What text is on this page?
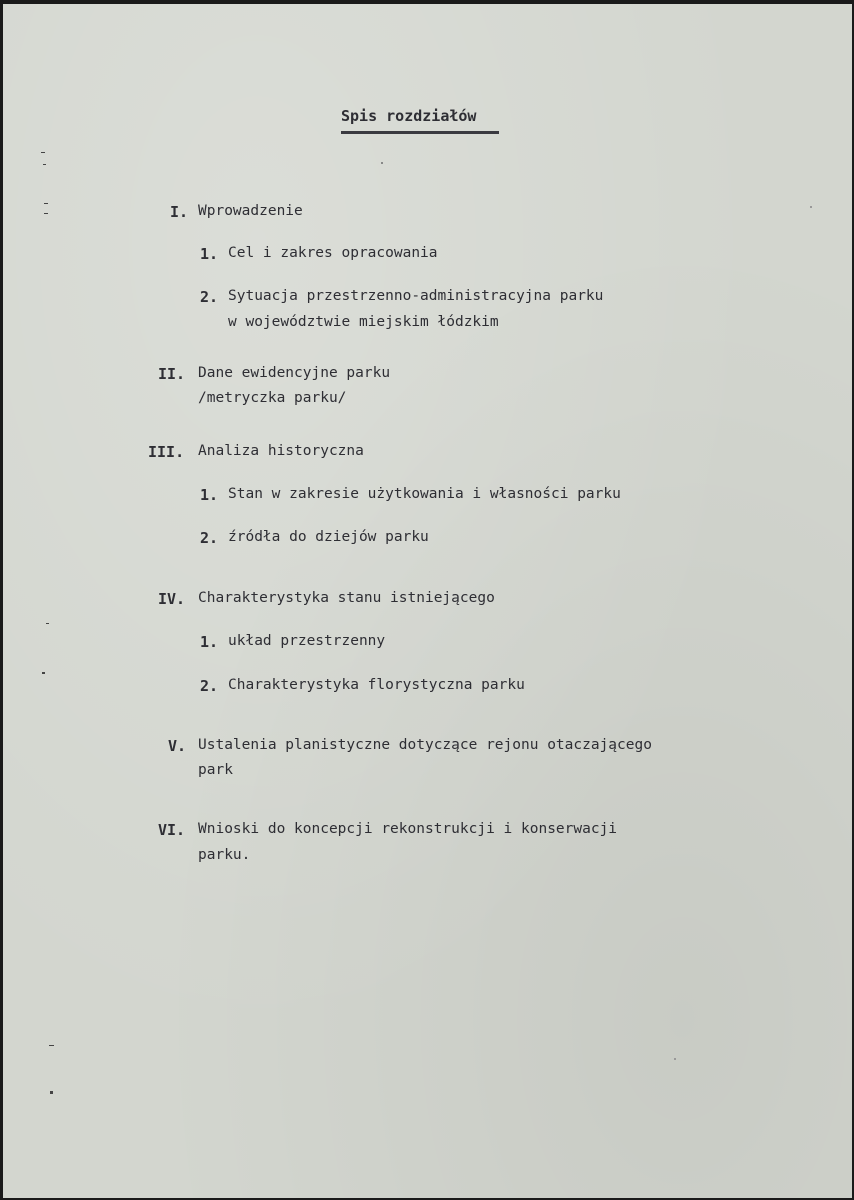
Spis rozdziałów
I. Wprowadzenie
1. Cel i zakres opracowania
2. Sytuacja przestrzenno-administracyjna parku
w województwie miejskim łódzkim
II. Dane ewidencyjne parku
/metryczka parku/
III. Analiza historyczna
1. Stan w zakresie użytkowania i własności parku
2. źródła do dziejów parku
IV. Charakterystyka stanu istniejącego
1. układ przestrzenny
2. Charakterystyka florystyczna parku
V. Ustalenia planistyczne dotyczące rejonu otaczającego
park
VI. Wnioski do koncepcji rekonstrukcji i konserwacji
parku.
